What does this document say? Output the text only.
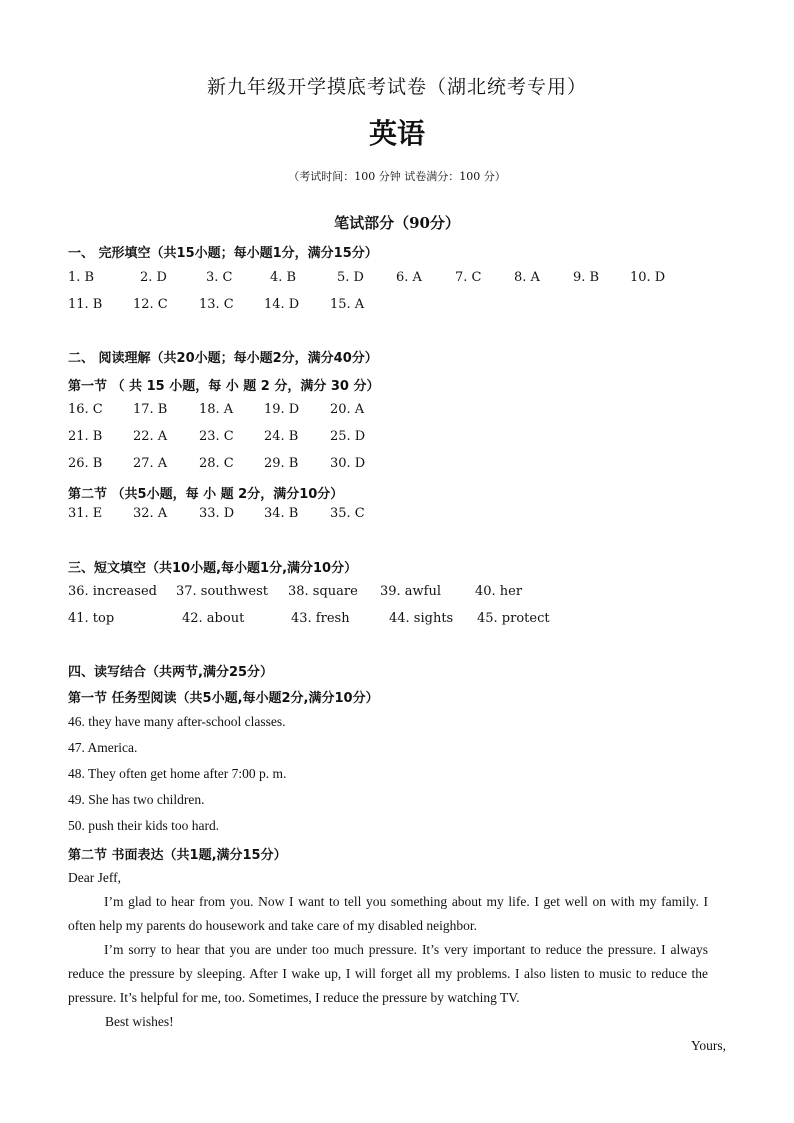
新九年级开学摸底考试卷（湖北统考专用）
英语
（考试时间：100 分钟 试卷满分：100 分）
笔试部分（90分）
一、 完形填空（共15小题；每小题1分，满分15分）
1. B	2. D	3. C	4. B	5. D 6. A	7. C	8. A	9. B 10. D
11. B 12. C 13. C 14. D 15. A
二、 阅读理解（共20小题；每小题2分，满分40分）
第一节 （ 共 15 小题，每 小 题 2 分，满分 30 分）
16. C 17. B 18. A 19. D 20. A
21. B 22. A 23. C 24. B 25. D
26. B 27. A 28. C 29. B 30. D
第二节 （共5小题，每 小 题 2分，满分10分）
31. E 32. A 33. D 34. B 35. C
三、短文填空（共10小题,每小题1分,满分10分）
36. increased 37. southwest 38. square 39. awful	40. her
41. top	42. about	43. fresh	44. sights 45. protect
四、读写结合（共两节,满分25分）
第一节 任务型阅读（共5小题,每小题2分,满分10分）
46. they have many after-school classes.
47. America.
48. They often get home after 7:00 p. m.
49. She has two children.
50. push their kids too hard.
第二节 书面表达（共1题,满分15分）
Dear Jeff,
I’m glad to hear from you. Now I want to tell you something about my life. I get well on with my family. I often help my parents do housework and take care of my disabled neighbor.
I’m sorry to hear that you are under too much pressure. It’s very important to reduce the pressure. I always reduce the pressure by sleeping. After I wake up, I will forget all my problems. I also listen to music to reduce the pressure. It’s helpful for me, too. Sometimes, I reduce the pressure by watching TV.
Best wishes!
Yours,
